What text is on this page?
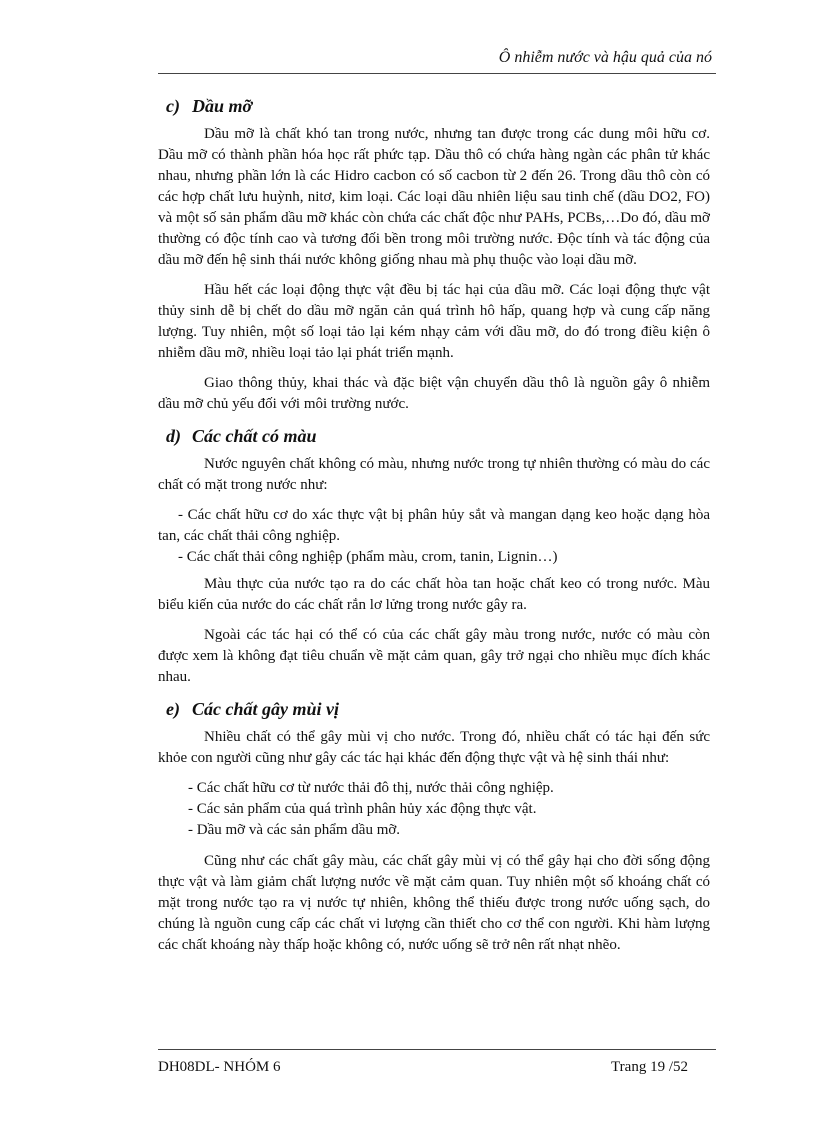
Ô nhiễm nước và hậu quả của nó
c) Dầu mỡ

Dầu mỡ là chất khó tan trong nước, nhưng tan được trong các dung môi hữu cơ. Dầu mỡ có thành phần hóa học rất phức tạp. Dầu thô có chứa hàng ngàn các phân tử khác nhau, nhưng phần lớn là các Hidro cacbon có số cacbon từ 2 đến 26. Trong dầu thô còn có các hợp chất lưu huỳnh, nitơ, kim loại. Các loại dầu nhiên liệu sau tinh chế (dầu DO2, FO) và một số sản phẩm dầu mỡ khác còn chứa các chất độc như PAHs, PCBs,…Do đó, dầu mỡ thường có độc tính cao và tương đối bền trong môi trường nước. Độc tính và tác động của dầu mỡ đến hệ sinh thái nước không giống nhau mà phụ thuộc vào loại dầu mỡ.

Hầu hết các loại động thực vật đều bị tác hại của dầu mỡ. Các loại động thực vật thủy sinh dễ bị chết do dầu mỡ ngăn cản quá trình hô hấp, quang hợp và cung cấp năng lượng. Tuy nhiên, một số loại tảo lại kém nhạy cảm với dầu mỡ, do đó trong điều kiện ô nhiễm dầu mỡ, nhiều loại tảo lại phát triển mạnh.

Giao thông thủy, khai thác và đặc biệt vận chuyển dầu thô là nguồn gây ô nhiễm dầu mỡ chủ yếu đối với môi trường nước.

d) Các chất có màu

Nước nguyên chất không có màu, nhưng nước trong tự nhiên thường có màu do các chất có mặt trong nước như:

- Các chất hữu cơ do xác thực vật bị phân hủy sắt và mangan dạng keo hoặc dạng hòa tan, các chất thải công nghiệp.
- Các chất thải công nghiệp (phẩm màu, crom, tanin, Lignin…)

Màu thực của nước tạo ra do các chất hòa tan hoặc chất keo có trong nước. Màu biểu kiến của nước do các chất rắn lơ lửng trong nước gây ra.

Ngoài các tác hại có thể có của các chất gây màu trong nước, nước có màu còn được xem là không đạt tiêu chuẩn về mặt cảm quan, gây trở ngại cho nhiều mục đích khác nhau.

e) Các chất gây mùi vị

Nhiều chất có thể gây mùi vị cho nước. Trong đó, nhiều chất có tác hại đến sức khỏe con người cũng như gây các tác hại khác đến động thực vật và hệ sinh thái như:

- Các chất hữu cơ từ nước thải đô thị, nước thải công nghiệp.
- Các sản phẩm của quá trình phân hủy xác động thực vật.
- Dầu mỡ và các sản phẩm dầu mỡ.

Cũng như các chất gây màu, các chất gây mùi vị có thể gây hại cho đời sống động thực vật và làm giảm chất lượng nước về mặt cảm quan. Tuy nhiên một số khoáng chất có mặt trong nước tạo ra vị nước tự nhiên, không thể thiếu được trong nước uống sạch, do chúng là nguồn cung cấp các chất vi lượng cần thiết cho cơ thể con người. Khi hàm lượng các chất khoáng này thấp hoặc không có, nước uống sẽ trở nên rất nhạt nhẽo.

DH08DL- NHÓM 6	Trang 19 /52
